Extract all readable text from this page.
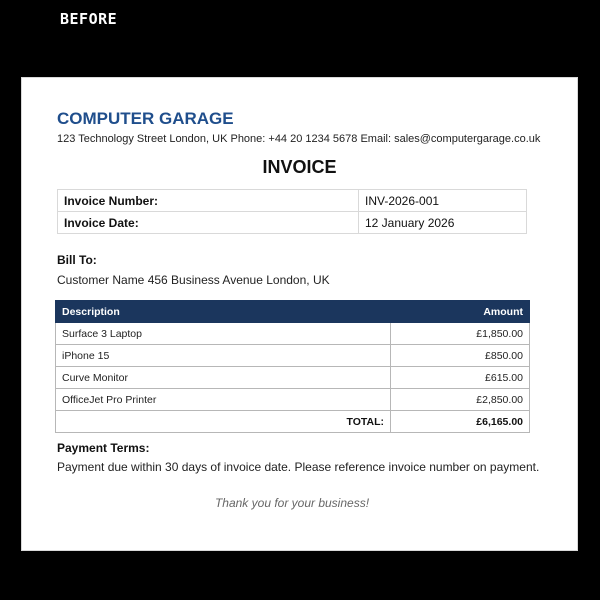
BEFORE
COMPUTER GARAGE
123 Technology Street London, UK Phone: +44 20 1234 5678 Email: sales@computergarage.co.uk
INVOICE
Invoice Number:	INV-2026-001
Invoice Date:	12 January 2026
Bill To:
Customer Name 456 Business Avenue London, UK
Description	Amount
Surface 3 Laptop	£1,850.00
iPhone 15	£850.00
Curve Monitor	£615.00
OfficeJet Pro Printer	£2,850.00
TOTAL:	£6,165.00
Payment Terms:
Payment due within 30 days of invoice date. Please reference invoice number on payment.
Thank you for your business!
